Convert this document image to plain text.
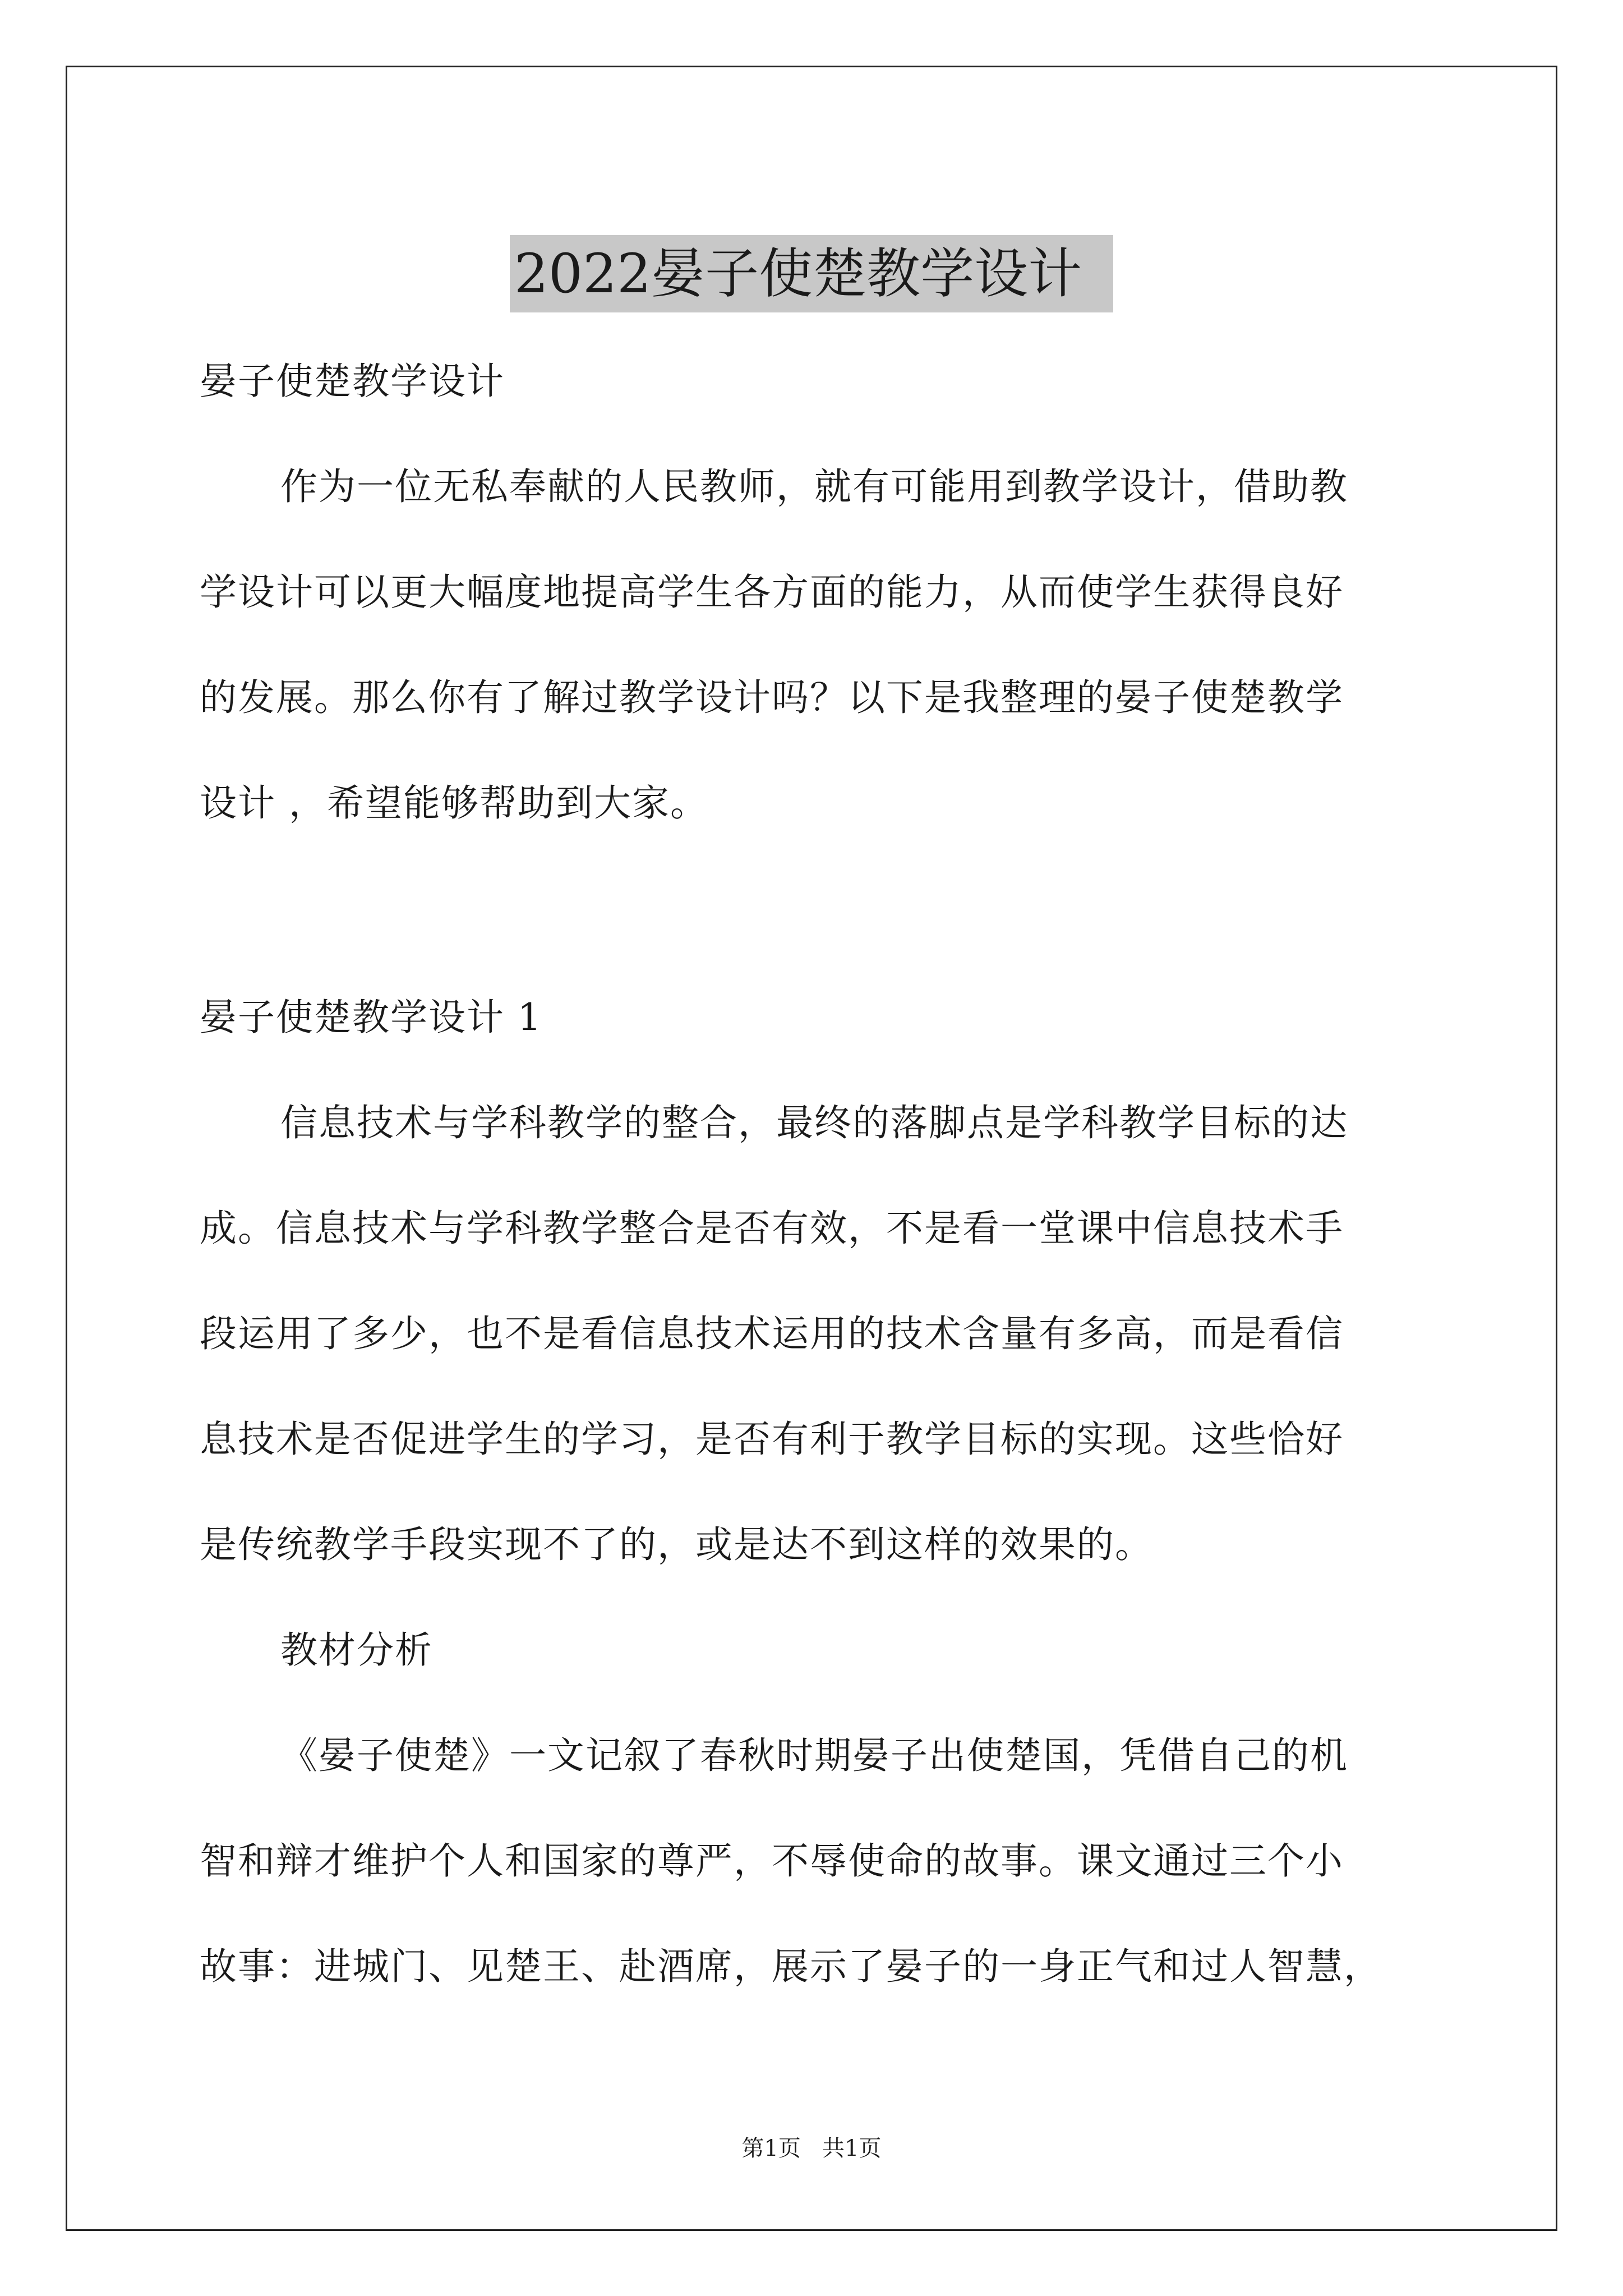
2022晏子使楚教学设计
晏子使楚教学设计
作为一位无私奉献的人民教师，就有可能用到教学设计，借助教
学设计可以更大幅度地提高学生各方面的能力，从而使学生获得良好
的发展。那么你有了解过教学设计吗？以下是我整理的晏子使楚教学
设计 ，希望能够帮助到大家。
晏子使楚教学设计 1
信息技术与学科教学的整合，最终的落脚点是学科教学目标的达
成。信息技术与学科教学整合是否有效，不是看一堂课中信息技术手
段运用了多少，也不是看信息技术运用的技术含量有多高，而是看信
息技术是否促进学生的学习，是否有利于教学目标的实现。这些恰好
是传统教学手段实现不了的，或是达不到这样的效果的。
教材分析
《晏子使楚》一文记叙了春秋时期晏子出使楚国，凭借自己的机
智和辩才维护个人和国家的尊严，不辱使命的故事。课文通过三个小
故事：进城门、见楚王、赴酒席，展示了晏子的一身正气和过人智慧，
第1页   共1页
